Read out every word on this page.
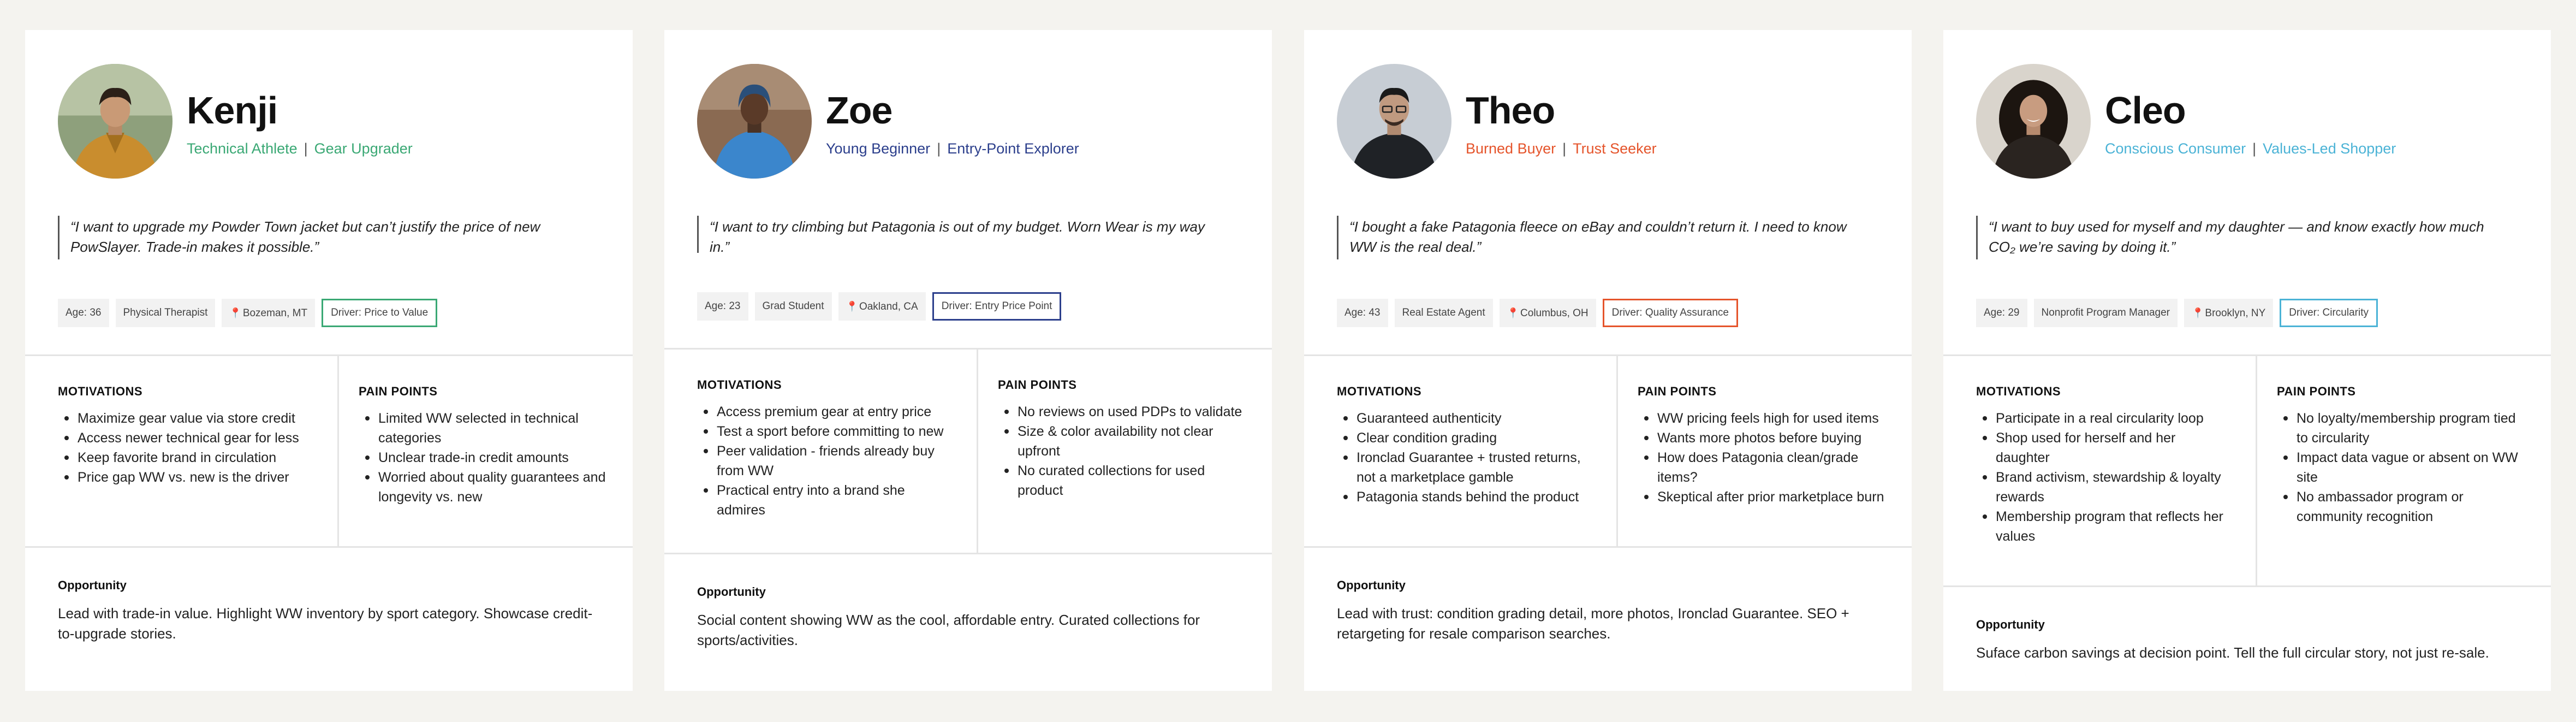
Kenji
Technical Athlete | Gear Upgrader
“I want to upgrade my Powder Town jacket but can’t justify the price of new PowSlayer. Trade-in makes it possible.”
Age: 36	Physical Therapist	📍 Bozeman, MT	Driver: Price to Value
MOTIVATIONS
Maximize gear value via store credit
Access newer technical gear for less
Keep favorite brand in circulation
Price gap WW vs. new is the driver
PAIN POINTS
Limited WW selected in technical categories
Unclear trade-in credit amounts
Worried about quality guarantees and longevity vs. new
Opportunity
Lead with trade-in value. Highlight WW inventory by sport category. Showcase credit-to-upgrade stories.
Zoe
Young Beginner | Entry-Point Explorer
“I want to try climbing but Patagonia is out of my budget. Worn Wear is my way in.”
Age: 23	Grad Student	📍 Oakland, CA	Driver: Entry Price Point
MOTIVATIONS
Access premium gear at entry price
Test a sport before committing to new
Peer validation - friends already buy from WW
Practical entry into a brand she admires
PAIN POINTS
No reviews on used PDPs to validate
Size & color availability not clear upfront
No curated collections for used product
Opportunity
Social content showing WW as the cool, affordable entry. Curated collections for sports/activities.
Theo
Burned Buyer | Trust Seeker
“I bought a fake Patagonia fleece on eBay and couldn’t return it. I need to know WW is the real deal.”
Age: 43	Real Estate Agent	📍 Columbus, OH	Driver: Quality Assurance
MOTIVATIONS
Guaranteed authenticity
Clear condition grading
Ironclad Guarantee + trusted returns, not a marketplace gamble
Patagonia stands behind the product
PAIN POINTS
WW pricing feels high for used items
Wants more photos before buying
How does Patagonia clean/grade items?
Skeptical after prior marketplace burn
Opportunity
Lead with trust: condition grading detail, more photos, Ironclad Guarantee. SEO + retargeting for resale comparison searches.
Cleo
Conscious Consumer | Values-Led Shopper
“I want to buy used for myself and my daughter — and know exactly how much CO₂ we’re saving by doing it.”
Age: 29	Nonprofit Program Manager	📍 Brooklyn, NY	Driver: Circularity
MOTIVATIONS
Participate in a real circularity loop
Shop used for herself and her daughter
Brand activism, stewardship & loyalty rewards
Membership program that reflects her values
PAIN POINTS
No loyalty/membership program tied to circularity
Impact data vague or absent on WW site
No ambassador program or community recognition
Opportunity
Suface carbon savings at decision point. Tell the full circular story, not just re-sale.
